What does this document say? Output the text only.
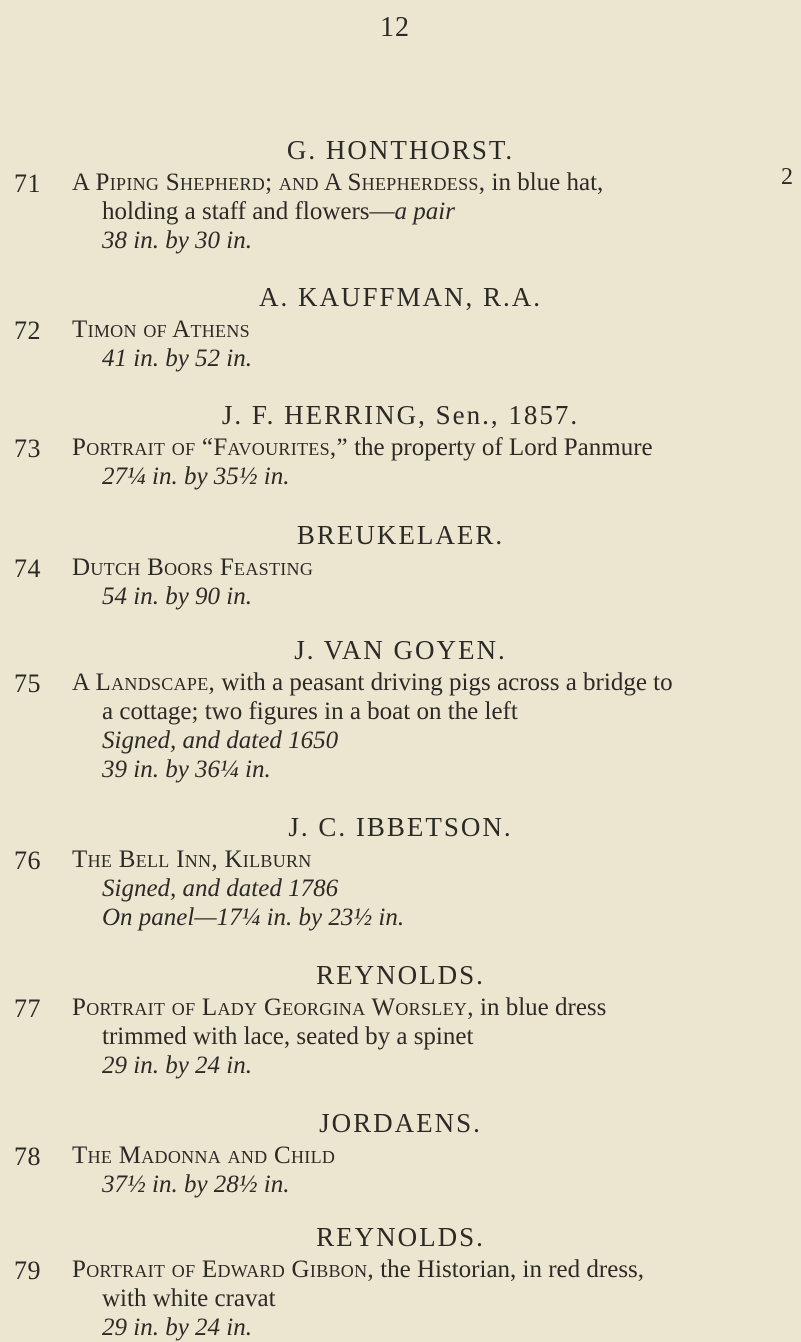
12
G. HONTHORST.
71 A Piping Shepherd; and A Shepherdess, in blue hat,
holding a staff and flowers—a pair
38 in. by 30 in.
2
A. KAUFFMAN, R.A.
72 Timon of Athens
41 in. by 52 in.
J. F. HERRING, Sen., 1857.
73 Portrait of “Favourites,” the property of Lord Panmure
27¼ in. by 35½ in.
BREUKELAER.
74 Dutch Boors Feasting
54 in. by 90 in.
J. VAN GOYEN.
75 A Landscape, with a peasant driving pigs across a bridge to
a cottage; two figures in a boat on the left
Signed, and dated 1650
39 in. by 36¼ in.
J. C. IBBETSON.
76 The Bell Inn, Kilburn
Signed, and dated 1786
On panel—17¼ in. by 23½ in.
REYNOLDS.
77 Portrait of Lady Georgina Worsley, in blue dress
trimmed with lace, seated by a spinet
29 in. by 24 in.
JORDAENS.
78 The Madonna and Child
37½ in. by 28½ in.
REYNOLDS.
79 Portrait of Edward Gibbon, the Historian, in red dress,
with white cravat
29 in. by 24 in.
